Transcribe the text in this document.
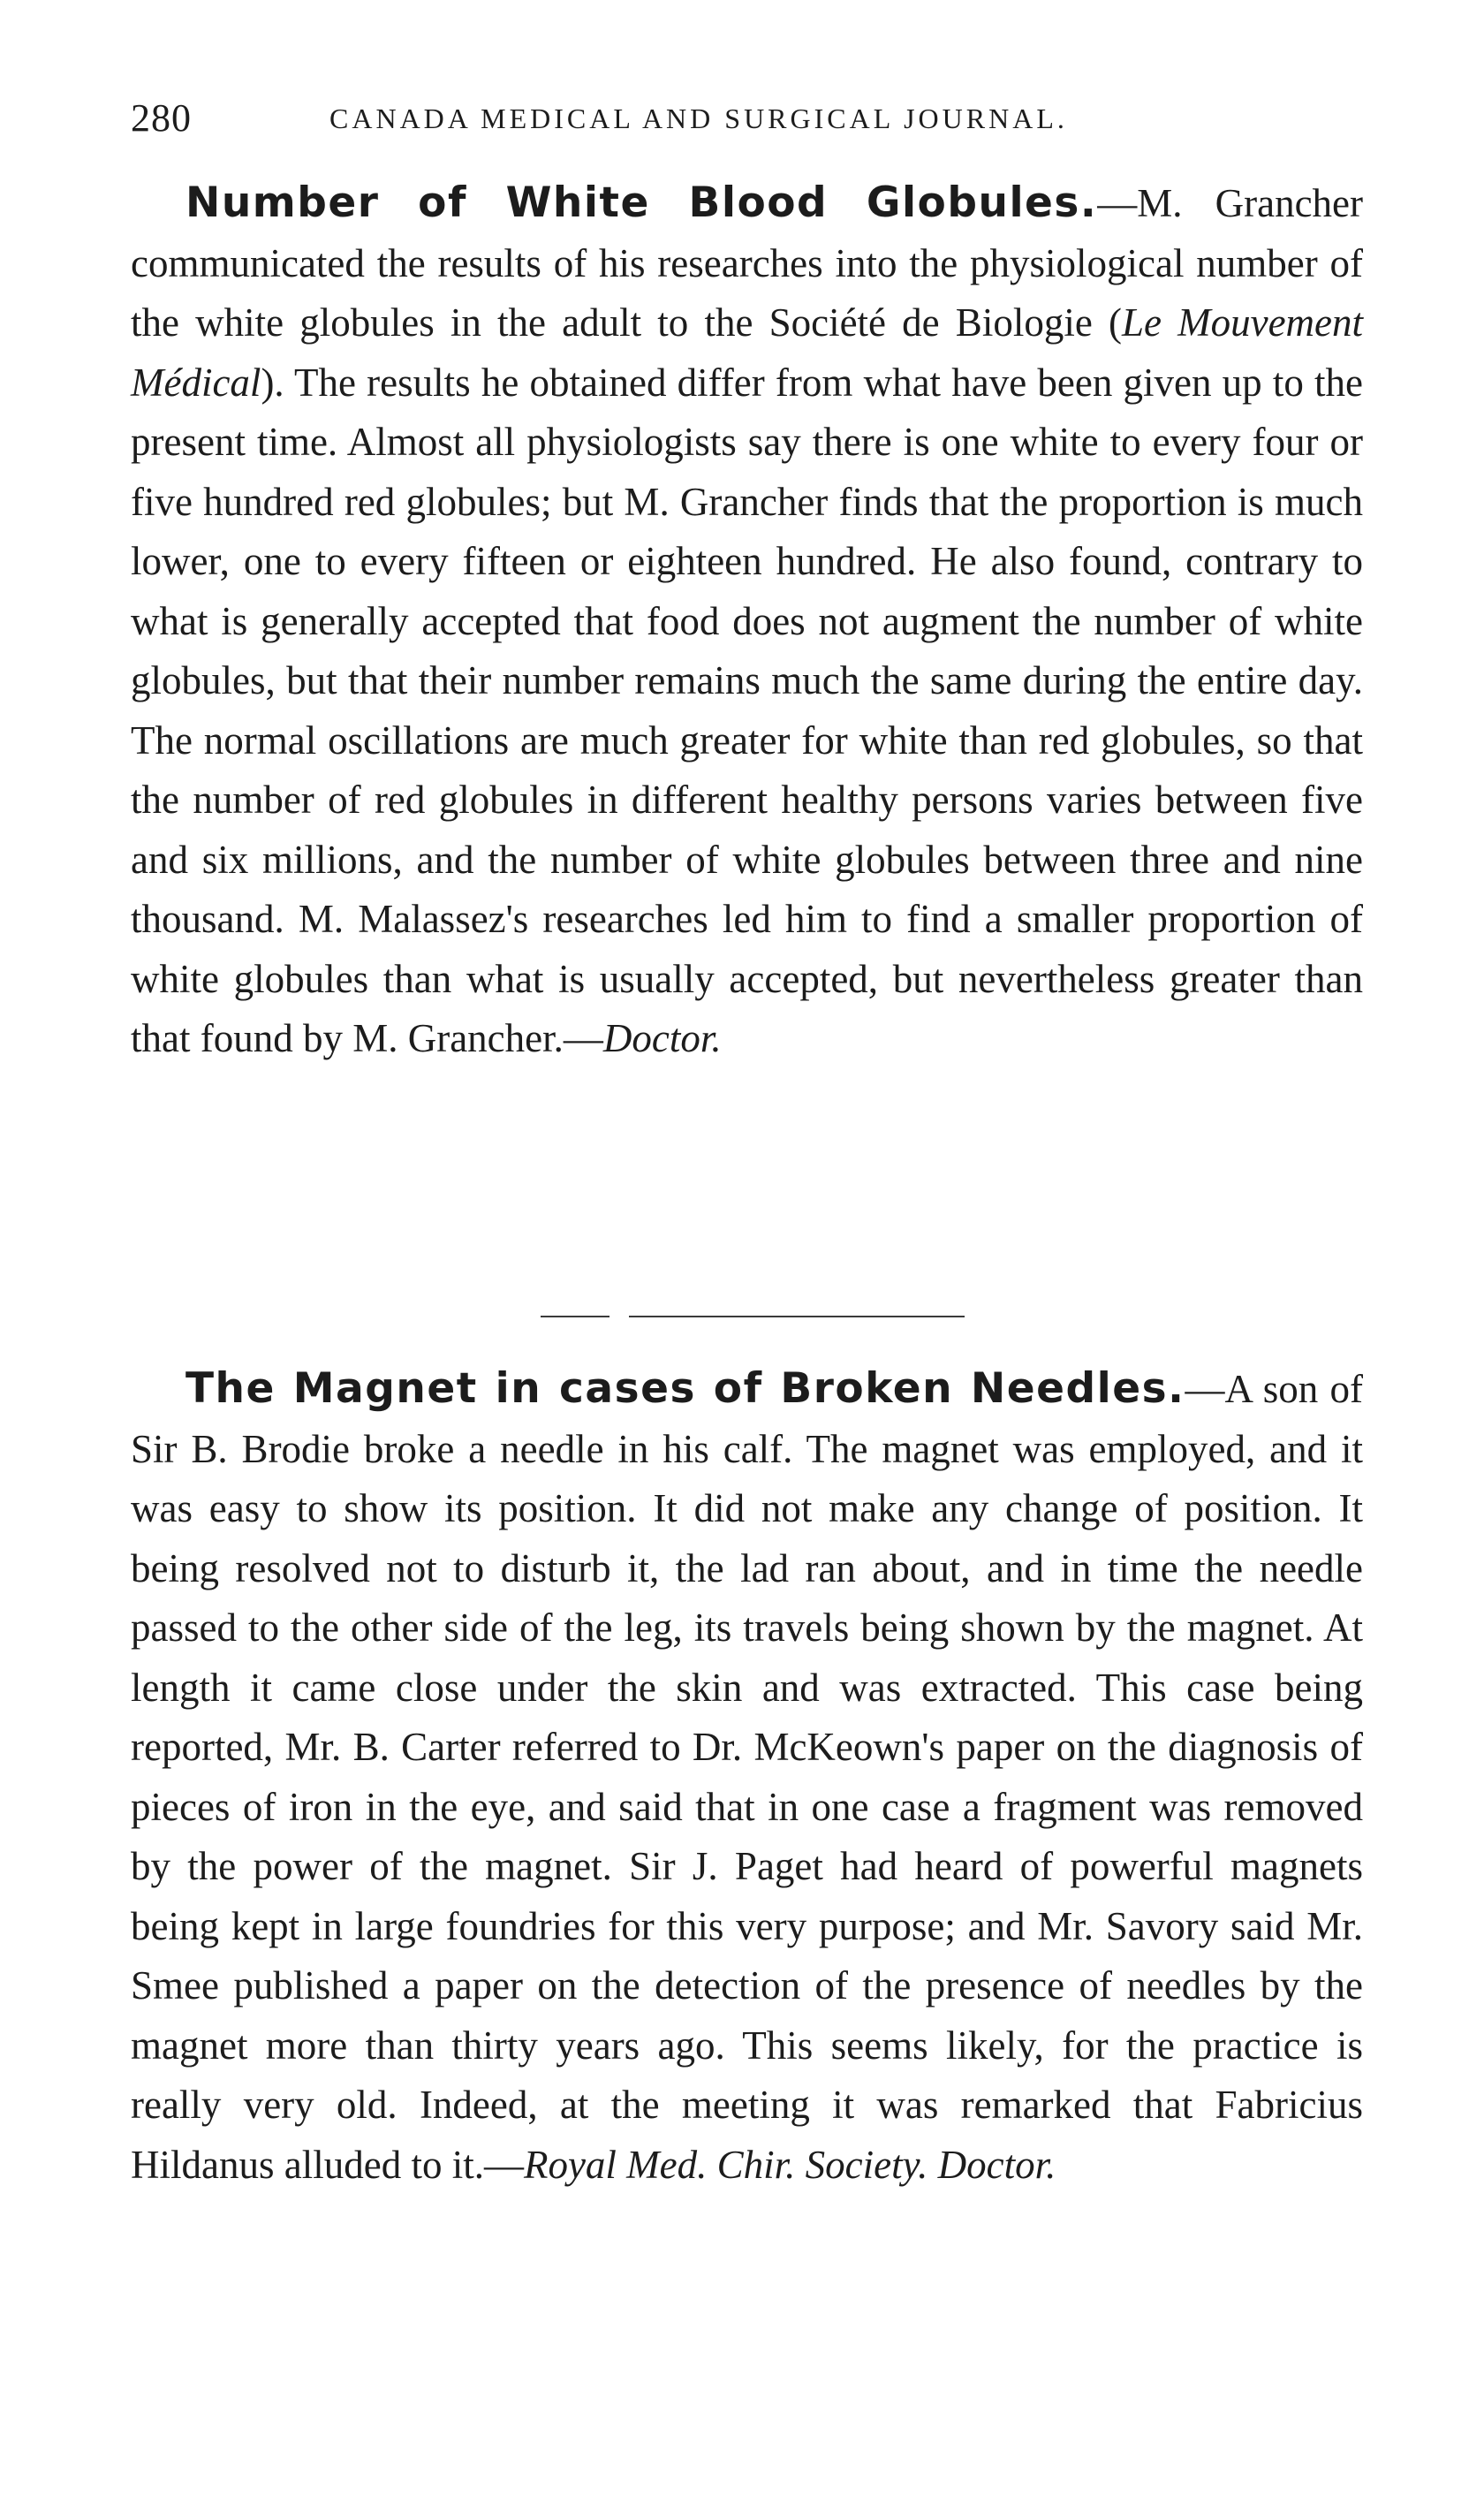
280	CANADA MEDICAL AND SURGICAL JOURNAL.

Number of White Blood Globules.—M. Grancher communicated the results of his researches into the physiological number of the white globules in the adult to the Société de Biologie (Le Mouvement Médical). The results he obtained differ from what have been given up to the present time. Almost all physiologists say there is one white to every four or five hundred red globules; but M. Grancher finds that the proportion is much lower, one to every fifteen or eighteen hundred. He also found, contrary to what is generally accepted that food does not augment the number of white globules, but that their number remains much the same during the entire day. The normal oscillations are much greater for white than red globules, so that the number of red globules in different healthy persons varies between five and six millions, and the number of white globules between three and nine thousand. M. Malassez's researches led him to find a smaller proportion of white globules than what is usually accepted, but nevertheless greater than that found by M. Grancher.—Doctor.

The Magnet in cases of Broken Needles.—A son of Sir B. Brodie broke a needle in his calf. The magnet was employed, and it was easy to show its position. It did not make any change of position. It being resolved not to disturb it, the lad ran about, and in time the needle passed to the other side of the leg, its travels being shown by the magnet. At length it came close under the skin and was extracted. This case being reported, Mr. B. Carter referred to Dr. McKeown's paper on the diagnosis of pieces of iron in the eye, and said that in one case a fragment was removed by the power of the magnet. Sir J. Paget had heard of powerful magnets being kept in large foundries for this very purpose; and Mr. Savory said Mr. Smee published a paper on the detection of the presence of needles by the magnet more than thirty years ago. This seems likely, for the practice is really very old. Indeed, at the meeting it was remarked that Fabricius Hildanus alluded to it.—Royal Med. Chir. Society. Doctor.
